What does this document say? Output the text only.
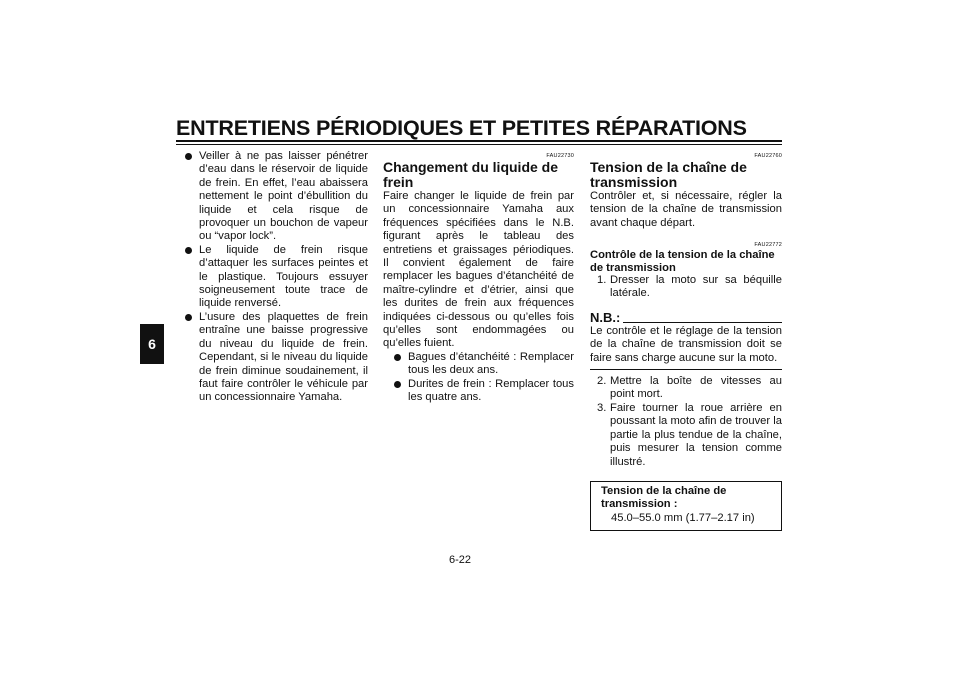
ENTRETIENS PÉRIODIQUES ET PETITES RÉPARATIONS
6
Veiller à ne pas laisser pénétrer d’eau dans le réservoir de liquide de frein. En effet, l’eau abaissera nettement le point d’ébullition du liquide et cela risque de provoquer un bouchon de vapeur ou “vapor lock”.
Le liquide de frein risque d’attaquer les surfaces peintes et le plastique. Toujours essuyer soigneusement toute trace de liquide renversé.
L’usure des plaquettes de frein entraîne une baisse progressive du niveau du liquide de frein. Cependant, si le niveau du liquide de frein diminue soudainement, il faut faire contrôler le véhicule par un concessionnaire Yamaha.
FAU22730
Changement du liquide de frein

Faire changer le liquide de frein par un concessionnaire Yamaha aux fréquences spécifiées dans le N.B. figurant après le tableau des entretiens et graissages périodiques. Il convient également de faire remplacer les bagues d’étanchéité de maître-cylindre et d’étrier, ainsi que les durites de frein aux fréquences indiquées ci-dessous ou qu’elles fois qu’elles sont endommagées ou qu’elles fuient.

Bagues d’étanchéité : Remplacer tous les deux ans.
Durites de frein : Remplacer tous les quatre ans.
FAU22760
Tension de la chaîne de transmission

Contrôler et, si nécessaire, régler la tension de la chaîne de transmission avant chaque départ.

FAU22772
Contrôle de la tension de la chaîne de transmission
1. Dresser la moto sur sa béquille latérale.
N.B.:

Le contrôle et le réglage de la tension de la chaîne de transmission doit se faire sans charge aucune sur la moto.

2. Mettre la boîte de vitesses au point mort.
3. Faire tourner la roue arrière en poussant la moto afin de trouver la partie la plus tendue de la chaîne, puis mesurer la tension comme illustré.
Tension de la chaîne de transmission :
45.0–55.0 mm (1.77–2.17 in)
6-22
